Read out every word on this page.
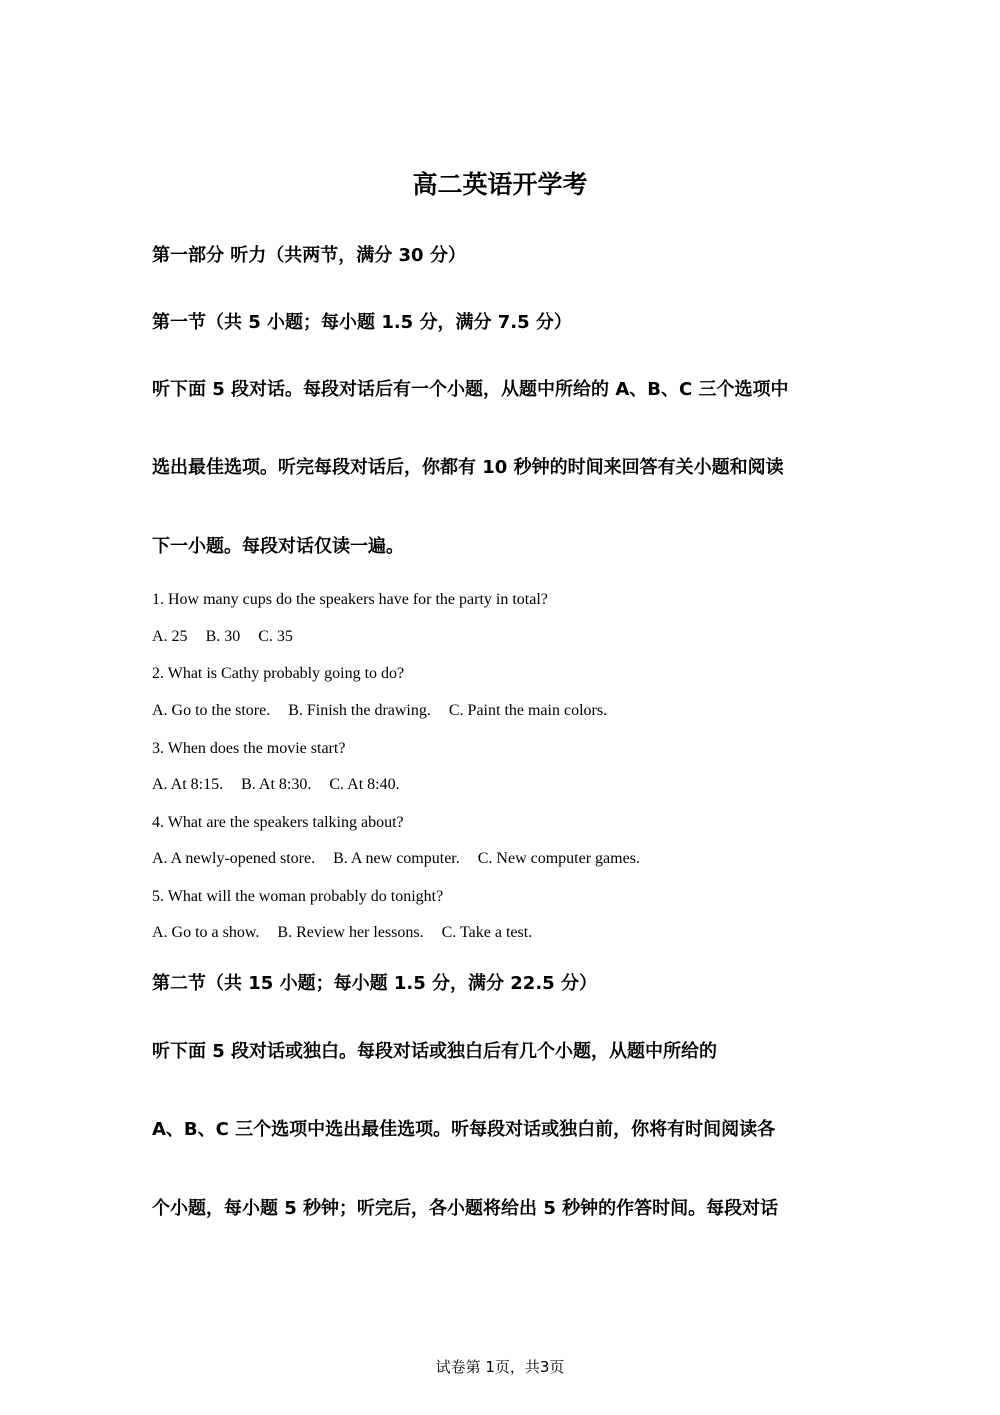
高二英语开学考
第一部分 听力（共两节，满分 30 分）
第一节（共 5 小题；每小题 1.5 分，满分 7.5 分）
听下面 5 段对话。每段对话后有一个小题，从题中所给的 A、B、C 三个选项中
选出最佳选项。听完每段对话后，你都有 10 秒钟的时间来回答有关小题和阅读
下一小题。每段对话仅读一遍。
1. How many cups do the speakers have for the party in total?
A. 25 B. 30 C. 35
2. What is Cathy probably going to do?
A. Go to the store. B. Finish the drawing. C. Paint the main colors.
3. When does the movie start?
A. At 8:15. B. At 8:30. C. At 8:40.
4. What are the speakers talking about?
A. A newly-opened store. B. A new computer. C. New computer games.
5. What will the woman probably do tonight?
A. Go to a show. B. Review her lessons. C. Take a test.
第二节（共 15 小题；每小题 1.5 分，满分 22.5 分）
听下面 5 段对话或独白。每段对话或独白后有几个小题，从题中所给的
A、B、C 三个选项中选出最佳选项。听每段对话或独白前，你将有时间阅读各
个小题，每小题 5 秒钟；听完后，各小题将给出 5 秒钟的作答时间。每段对话
试卷第 1页，共3页
